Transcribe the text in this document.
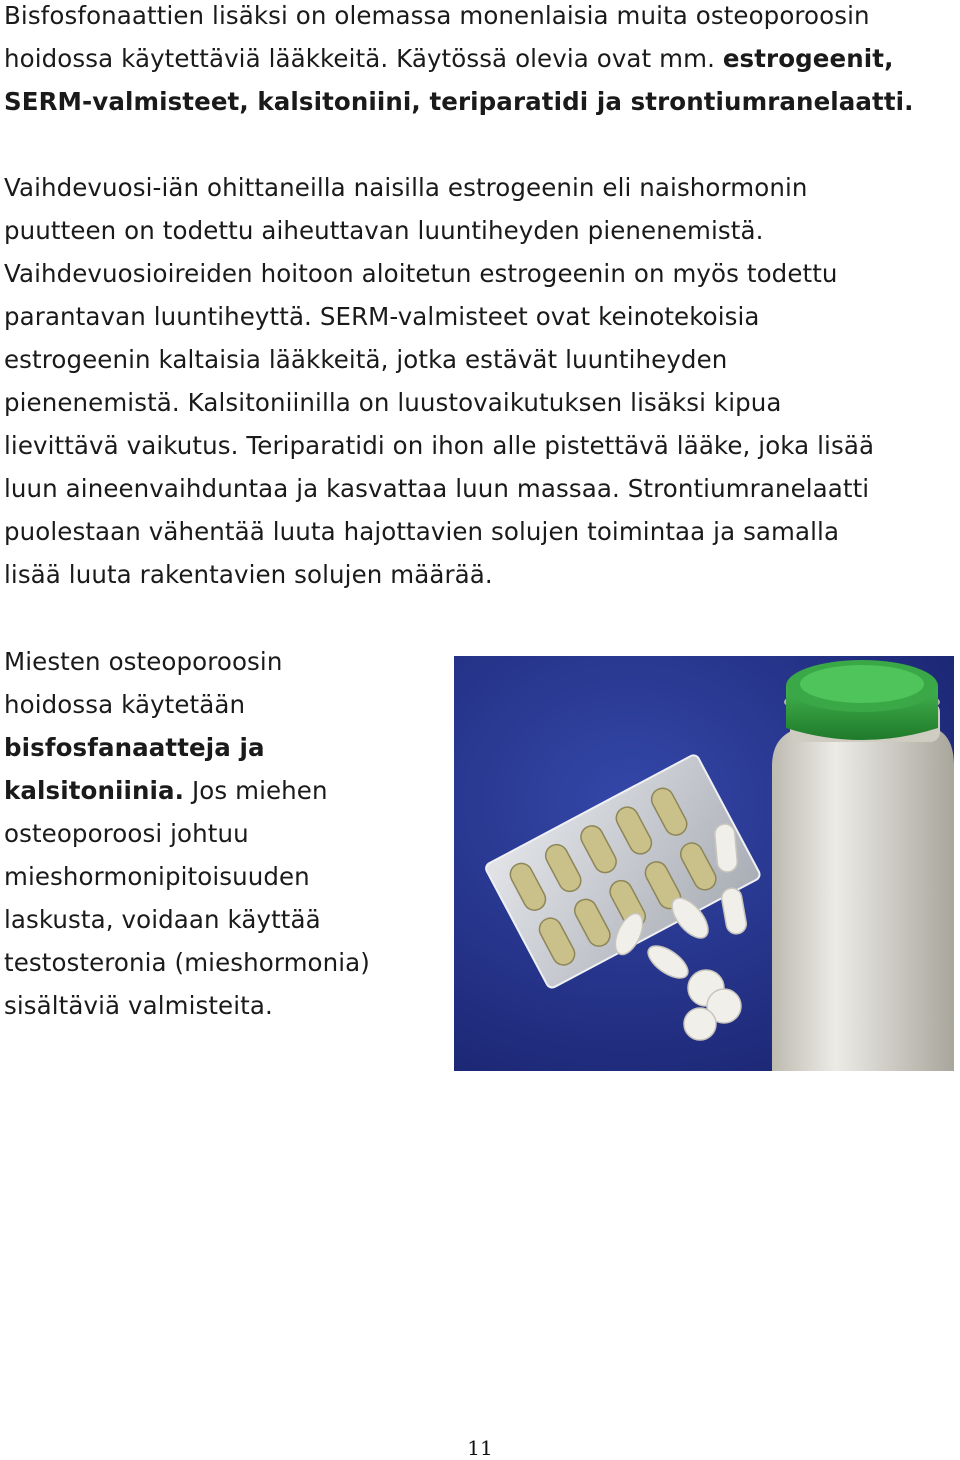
Bisfosfonaattien lisäksi on olemassa monenlaisia muita osteoporoosin
hoidossa käytettäviä lääkkeitä. Käytössä olevia ovat mm. estrogeenit,
SERM-valmisteet, kalsitoniini, teriparatidi ja strontiumranelaatti.

Vaihdevuosi-iän ohittaneilla naisilla estrogeenin eli naishormonin
puutteen on todettu aiheuttavan luuntiheyden pienenemistä.
Vaihdevuosioireiden hoitoon aloitetun estrogeenin on myös todettu
parantavan luuntiheyttä. SERM-valmisteet ovat keinotekoisia
estrogeenin kaltaisia lääkkeitä, jotka estävät luuntiheyden
pienenemistä. Kalsitoniinilla on luustovaikutuksen lisäksi kipua
lievittävä vaikutus. Teriparatidi on ihon alle pistettävä lääke, joka lisää
luun aineenvaihduntaa ja kasvattaa luun massaa. Strontiumranelaatti
puolestaan vähentää luuta hajottavien solujen toimintaa ja samalla
lisää luuta rakentavien solujen määrää.

Miesten osteoporoosin
hoidossa käytetään
bisfosfanaatteja ja
kalsitoniinia. Jos miehen
osteoporoosi johtuu
mieshormonipitoisuuden
laskusta, voidaan käyttää
testosteronia (mieshormonia)
sisältäviä valmisteita.

11
